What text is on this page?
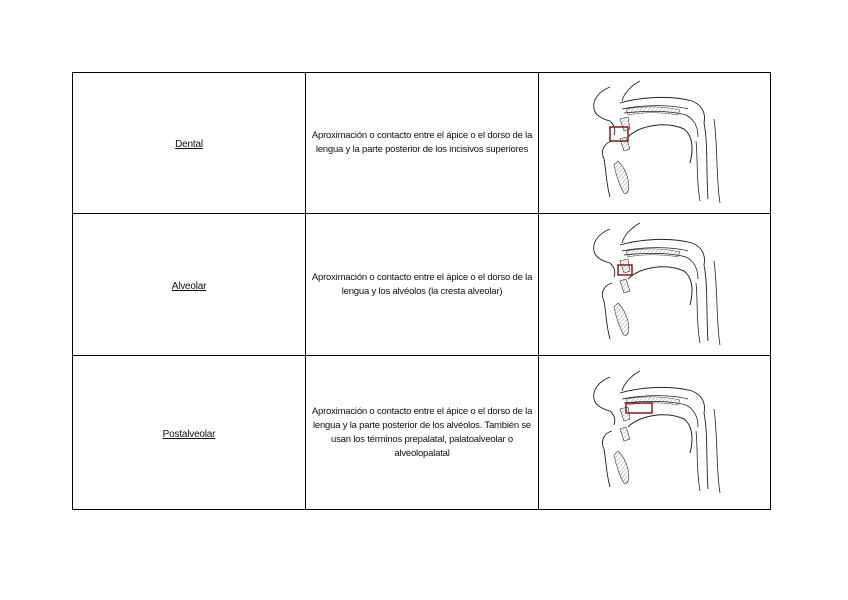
Dental	Aproximación o contacto entre el ápice o el dorso de la lengua y la parte posterior de los incisivos superiores

Alveolar	Aproximación o contacto entre el ápice o el dorso de la lengua y los alvéolos (la cresta alveolar)

Postalveolar	Aproximación o contacto entre el ápice o el dorso de la lengua y la parte posterior de los alvéolos. También se usan los términos prepalatal, palatoalveolar o alveolopalatal
